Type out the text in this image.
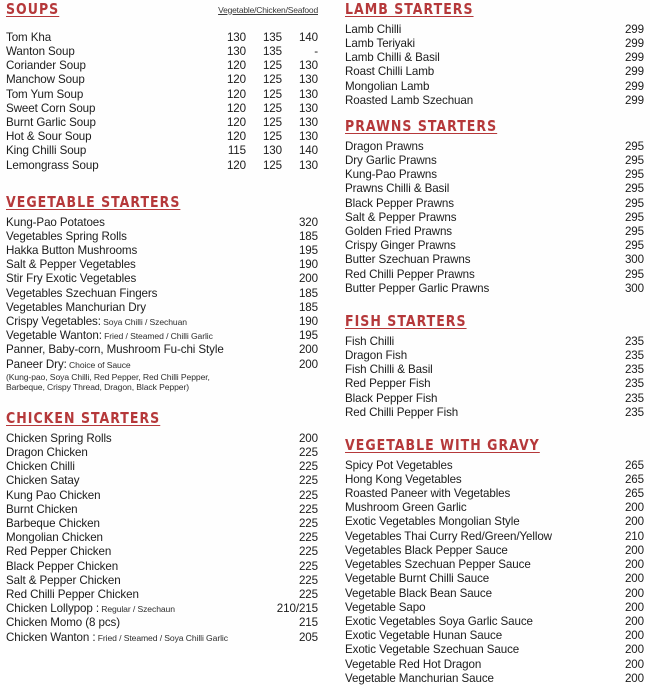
SOUPS	Vegetable/Chicken/Seafood
Tom Kha	130	135	140
Wanton Soup	130	135	-
Coriander Soup	120	125	130
Manchow Soup	120	125	130
Tom Yum Soup	120	125	130
Sweet Corn Soup	120	125	130
Burnt Garlic Soup	120	125	130
Hot & Sour Soup	120	125	130
King Chilli Soup	115	130	140
Lemongrass Soup	120	125	130
VEGETABLE STARTERS
Kung-Pao Potatoes	320
Vegetables Spring Rolls	185
Hakka Button Mushrooms	195
Salt & Pepper Vegetables	190
Stir Fry Exotic Vegetables	200
Vegetables Szechuan Fingers	185
Vegetables Manchurian Dry	185
Crispy Vegetables: Soya Chilli / Szechuan	190
Vegetable Wanton: Fried / Steamed / Chilli Garlic	195
Panner, Baby-corn, Mushroom Fu-chi Style	200
Paneer Dry: Choice of Sauce	200
(Kung-pao, Soya Chilli, Red Pepper, Red Chilli Pepper,
Barbeque, Crispy Thread, Dragon, Black Pepper)
CHICKEN STARTERS
Chicken Spring Rolls	200
Dragon Chicken	225
Chicken Chilli	225
Chicken Satay	225
Kung Pao Chicken	225
Burnt Chicken	225
Barbeque Chicken	225
Mongolian Chicken	225
Red Pepper Chicken	225
Black Pepper Chicken	225
Salt & Pepper Chicken	225
Red Chilli Pepper Chicken	225
Chicken Lollypop : Regular / Szechaun	210/215
Chicken Momo (8 pcs)	215
Chicken Wanton : Fried / Steamed / Soya Chilli Garlic	205
LAMB STARTERS
Lamb Chilli	299
Lamb Teriyaki	299
Lamb Chilli & Basil	299
Roast Chilli Lamb	299
Mongolian Lamb	299
Roasted Lamb Szechuan	299
PRAWNS STARTERS
Dragon Prawns	295
Dry Garlic Prawns	295
Kung-Pao Prawns	295
Prawns Chilli & Basil	295
Black Pepper Prawns	295
Salt & Pepper Prawns	295
Golden Fried Prawns	295
Crispy Ginger Prawns	295
Butter Szechuan Prawns	300
Red Chilli Pepper Prawns	295
Butter Pepper Garlic Prawns	300
FISH STARTERS
Fish Chilli	235
Dragon Fish	235
Fish Chilli & Basil	235
Red Pepper Fish	235
Black Pepper Fish	235
Red Chilli Pepper Fish	235
VEGETABLE WITH GRAVY
Spicy Pot Vegetables	265
Hong Kong Vegetables	265
Roasted Paneer with Vegetables	265
Mushroom Green Garlic	200
Exotic Vegetables Mongolian Style	200
Vegetables Thai Curry Red/Green/Yellow	210
Vegetables Black Pepper Sauce	200
Vegetables Szechuan Pepper Sauce	200
Vegetable Burnt Chilli Sauce	200
Vegetable Black Bean Sauce	200
Vegetable Sapo	200
Exotic Vegetables Soya Garlic Sauce	200
Exotic Vegetable Hunan Sauce	200
Exotic Vegetable Szechuan Sauce	200
Vegetable Red Hot Dragon	200
Vegetable Manchurian Sauce	200
